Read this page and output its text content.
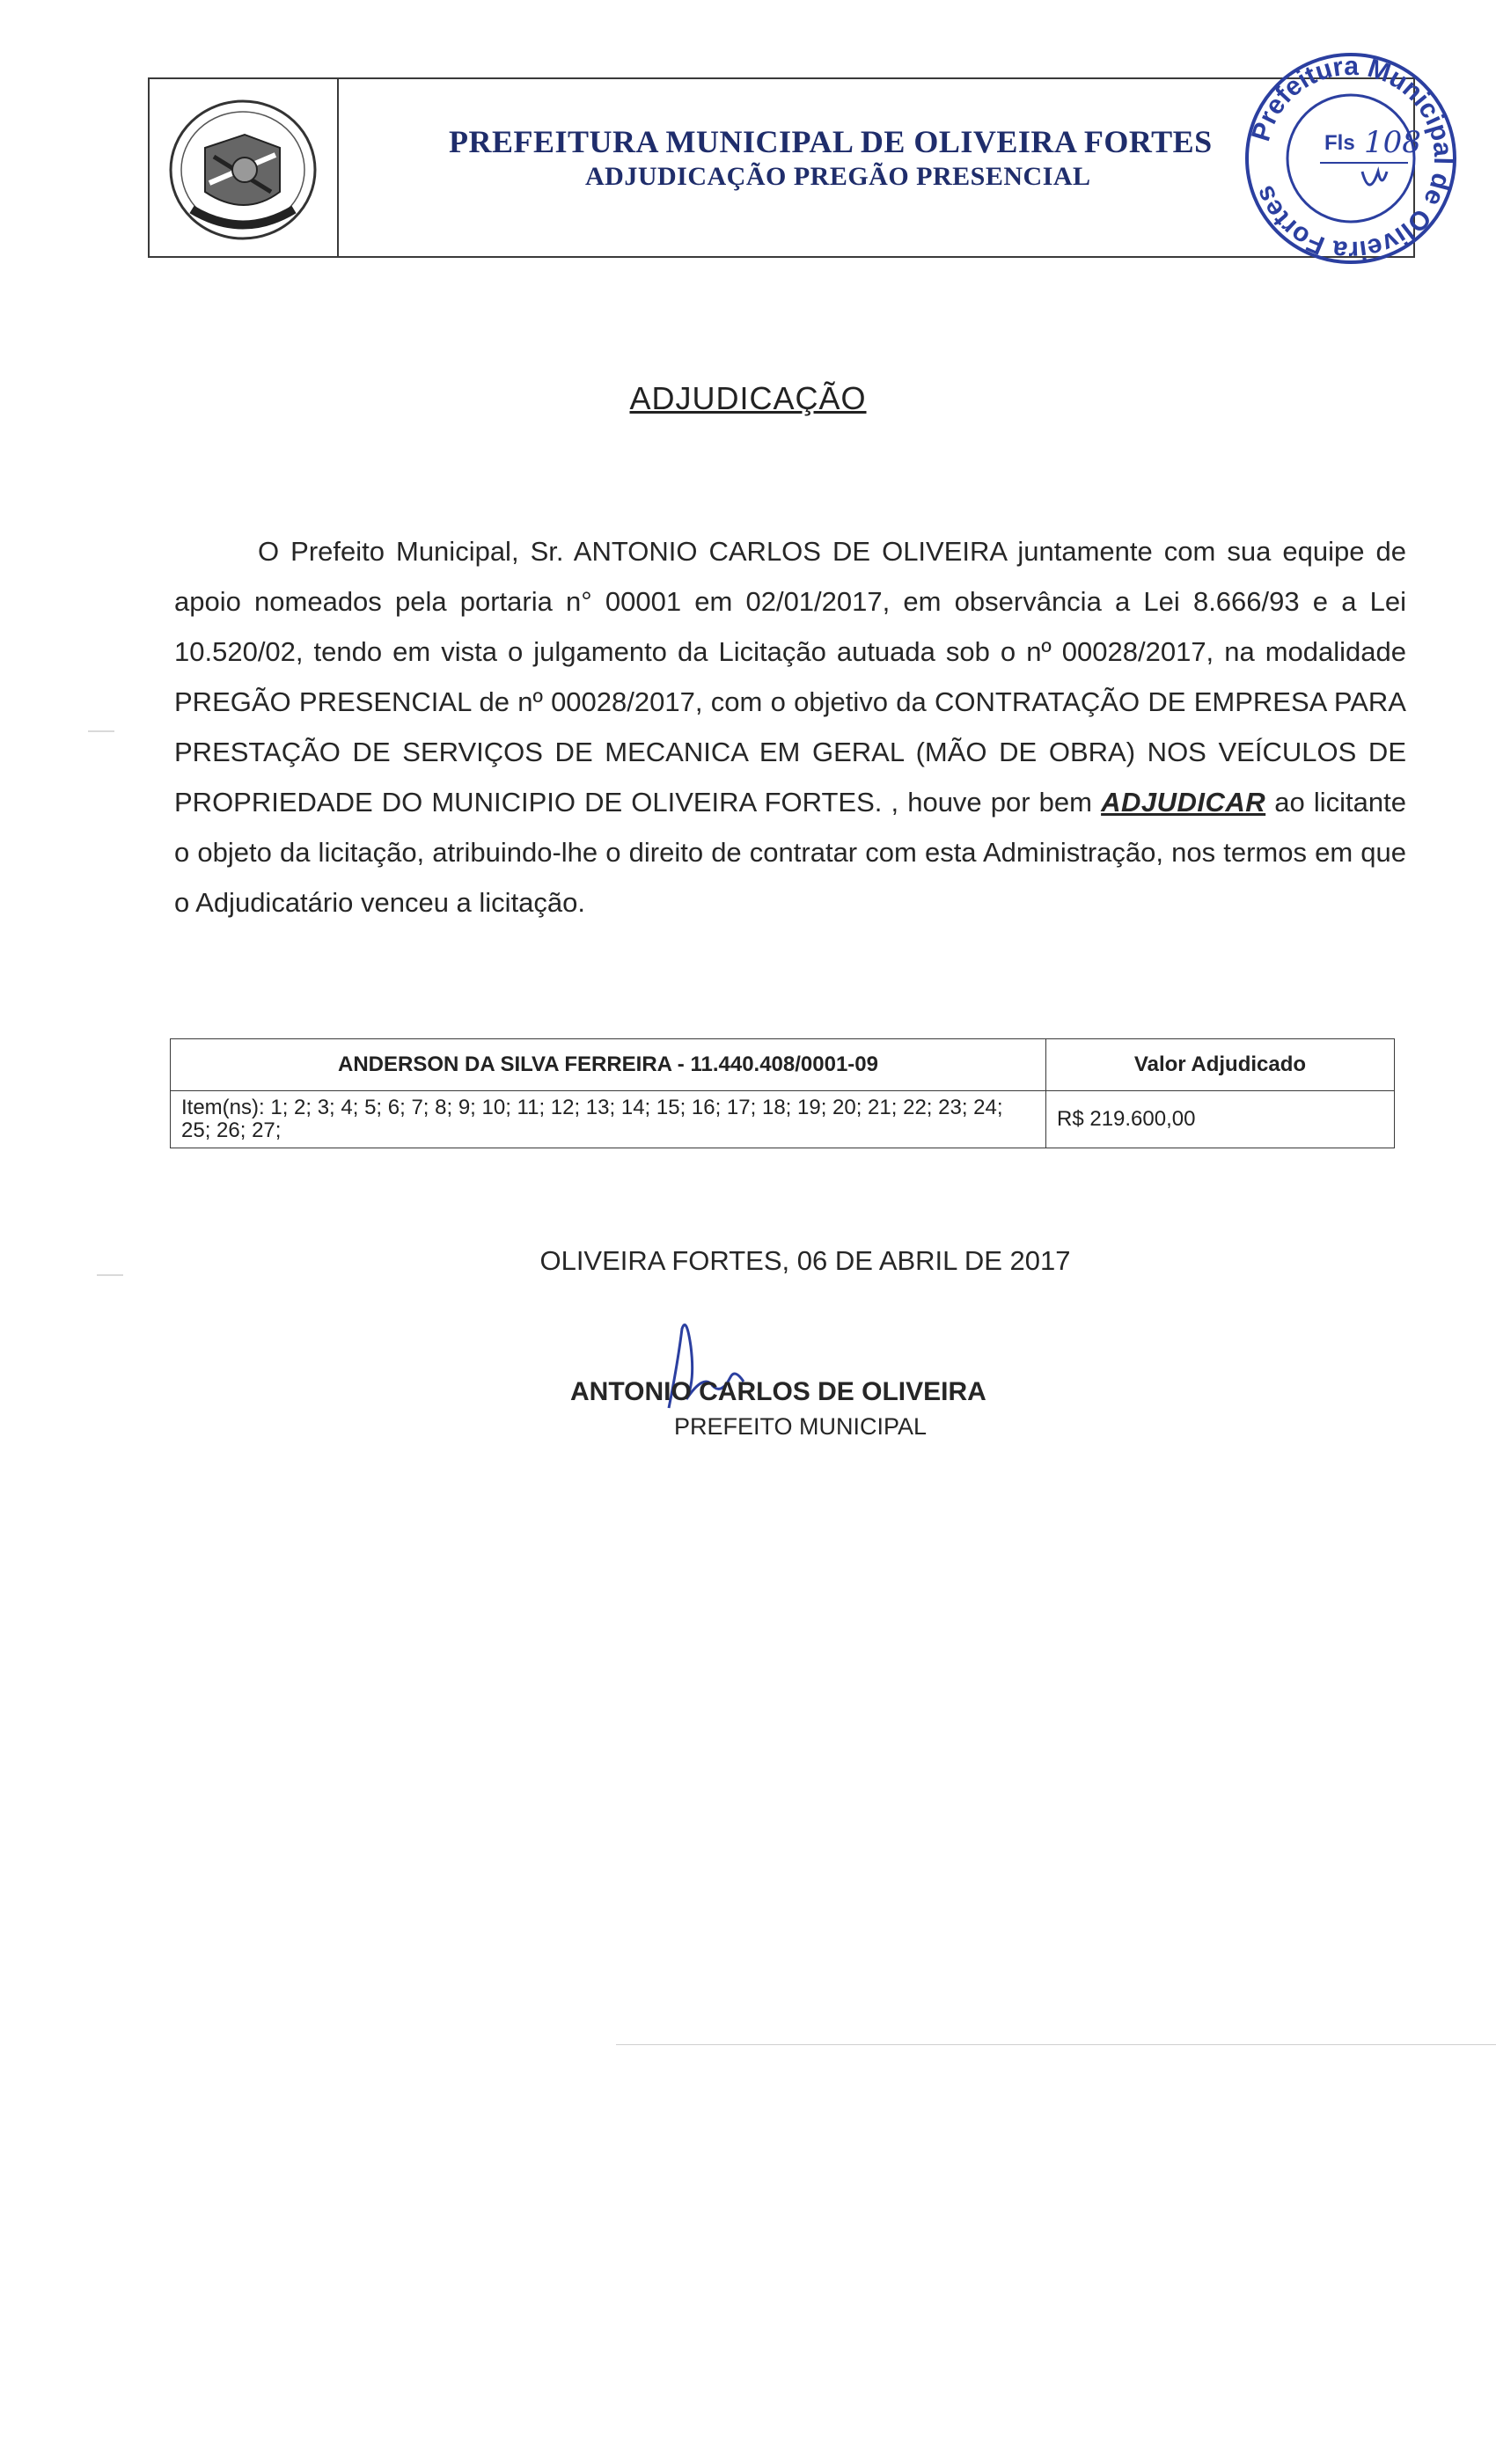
PREFEITURA MUNICIPAL DE OLIVEIRA FORTES
ADJUDICAÇÃO PREGÃO PRESENCIAL
Prefeitura Municipal de Oliveira Fortes
Fls 108
ADJUDICAÇÃO
O Prefeito Municipal, Sr. ANTONIO CARLOS DE OLIVEIRA juntamente com sua equipe de apoio nomeados pela portaria n° 00001 em 02/01/2017, em observância a Lei 8.666/93 e a Lei 10.520/02, tendo em vista o julgamento da Licitação autuada sob o nº 00028/2017, na modalidade PREGÃO PRESENCIAL de nº 00028/2017, com o objetivo da CONTRATAÇÃO DE EMPRESA PARA PRESTAÇÃO DE SERVIÇOS DE MECANICA EM GERAL (MÃO DE OBRA) NOS VEÍCULOS DE PROPRIEDADE DO MUNICIPIO DE OLIVEIRA FORTES. , houve por bem ADJUDICAR ao licitante o objeto da licitação, atribuindo-lhe o direito de contratar com esta Administração, nos termos em que o Adjudicatário venceu a licitação.
ANDERSON DA SILVA FERREIRA - 11.440.408/0001-09	Valor Adjudicado
Item(ns): 1; 2; 3; 4; 5; 6; 7; 8; 9; 10; 11; 12; 13; 14; 15; 16; 17; 18; 19; 20; 21; 22; 23; 24; 25; 26; 27;	R$ 219.600,00
OLIVEIRA FORTES, 06 DE ABRIL DE 2017
ANTONIO CARLOS DE OLIVEIRA
PREFEITO MUNICIPAL
